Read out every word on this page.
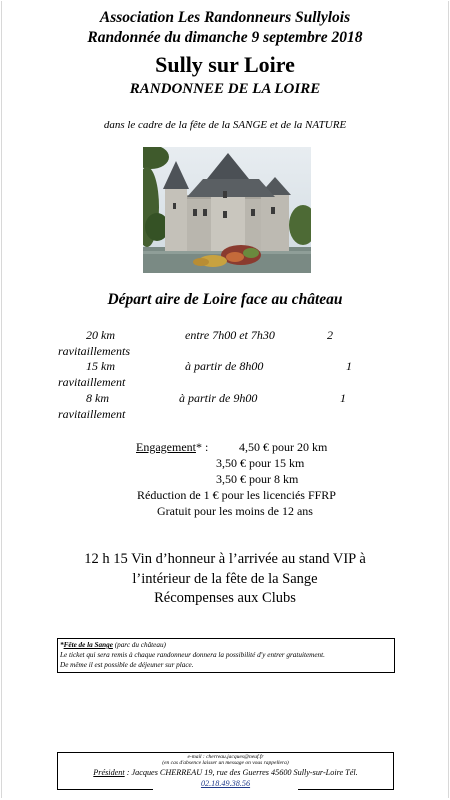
Association Les Randonneurs Sullylois
Randonnée du dimanche 9 septembre 2018
Sully sur Loire
RANDONNEE DE LA LOIRE
dans le cadre de la fête de la SANGE et de la NATURE
Départ aire de Loire face au château
20 km	entre 7h00 et 7h30	2
ravitaillements
15 km	à partir de 8h00	1
ravitaillement
8 km	à partir de 9h00	1
ravitaillement
Engagement* :	4,50 € pour 20 km
3,50 € pour 15 km
3,50 € pour 8 km
Réduction de 1 € pour les licenciés FFRP
Gratuit pour les moins de 12 ans
12 h 15 Vin d’honneur à l’arrivée au stand VIP à
l’intérieur de la fête de la Sange
Récompenses aux Clubs
*Fête de la Sange (parc du château)
Le ticket qui sera remis à chaque randonneur donnera la possibilité d'y entrer gratuitement.
De même il est possible de déjeuner sur place.
e-mail : cherreau.jacques@neuf.fr
(en cas d'absence laisser un message on vous rappellera)
Président : Jacques CHERREAU 19, rue des Guerres 45600 Sully-sur-Loire Tél.
02.18.49.38.56
